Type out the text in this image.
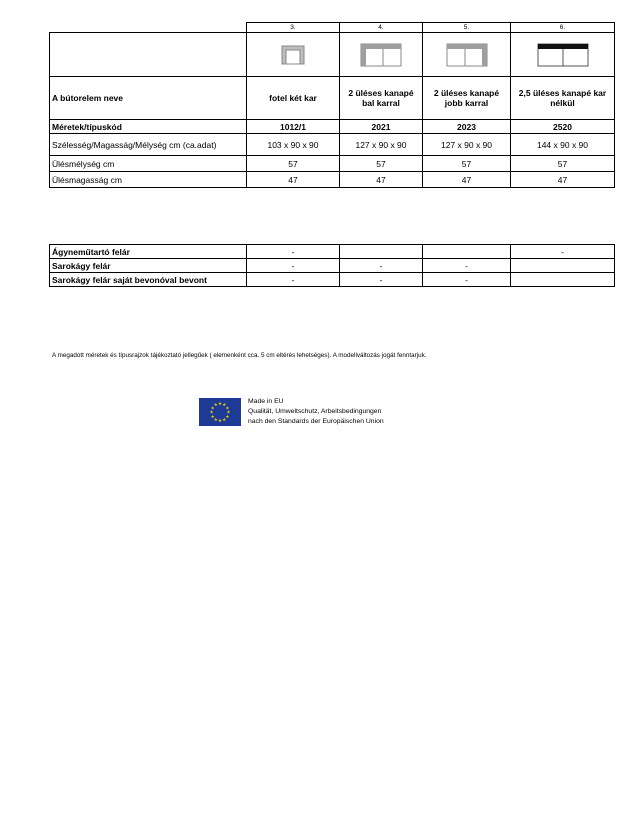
	3.	4.	5.	6.

A bútorelem neve	fotel két kar	2 üléses kanapé bal karral	2 üléses kanapé jobb karral	2,5 üléses kanapé kar nélkül
Méretek/típuskód	1012/1	2021	2023	2520
Szélesség/Magasság/Mélység cm (ca.adat)	103 x 90 x 90	127 x 90 x 90	127 x 90 x 90	144 x 90 x 90
Ülésmélység cm	57	57	57	57
Ülésmagasság cm	47	47	47	47
Ágyneműtartó felár	-			-
Sarokágy felár	-	-	-	
Sarokágy felár saját bevonóval bevont	-	-	-	
A megadott méretek és típusrajzok tájékoztató jellegűek ( elemenként cca. 5 cm eltérés lehetséges). A modellváltozás jogát fenntarjuk.
★ ★
★
★
★
★
★
★
★
★
★
★	Made in EU
Qualität, Umweltschutz, Arbeitsbedingungen
nach den Standards der Europäischen Union
